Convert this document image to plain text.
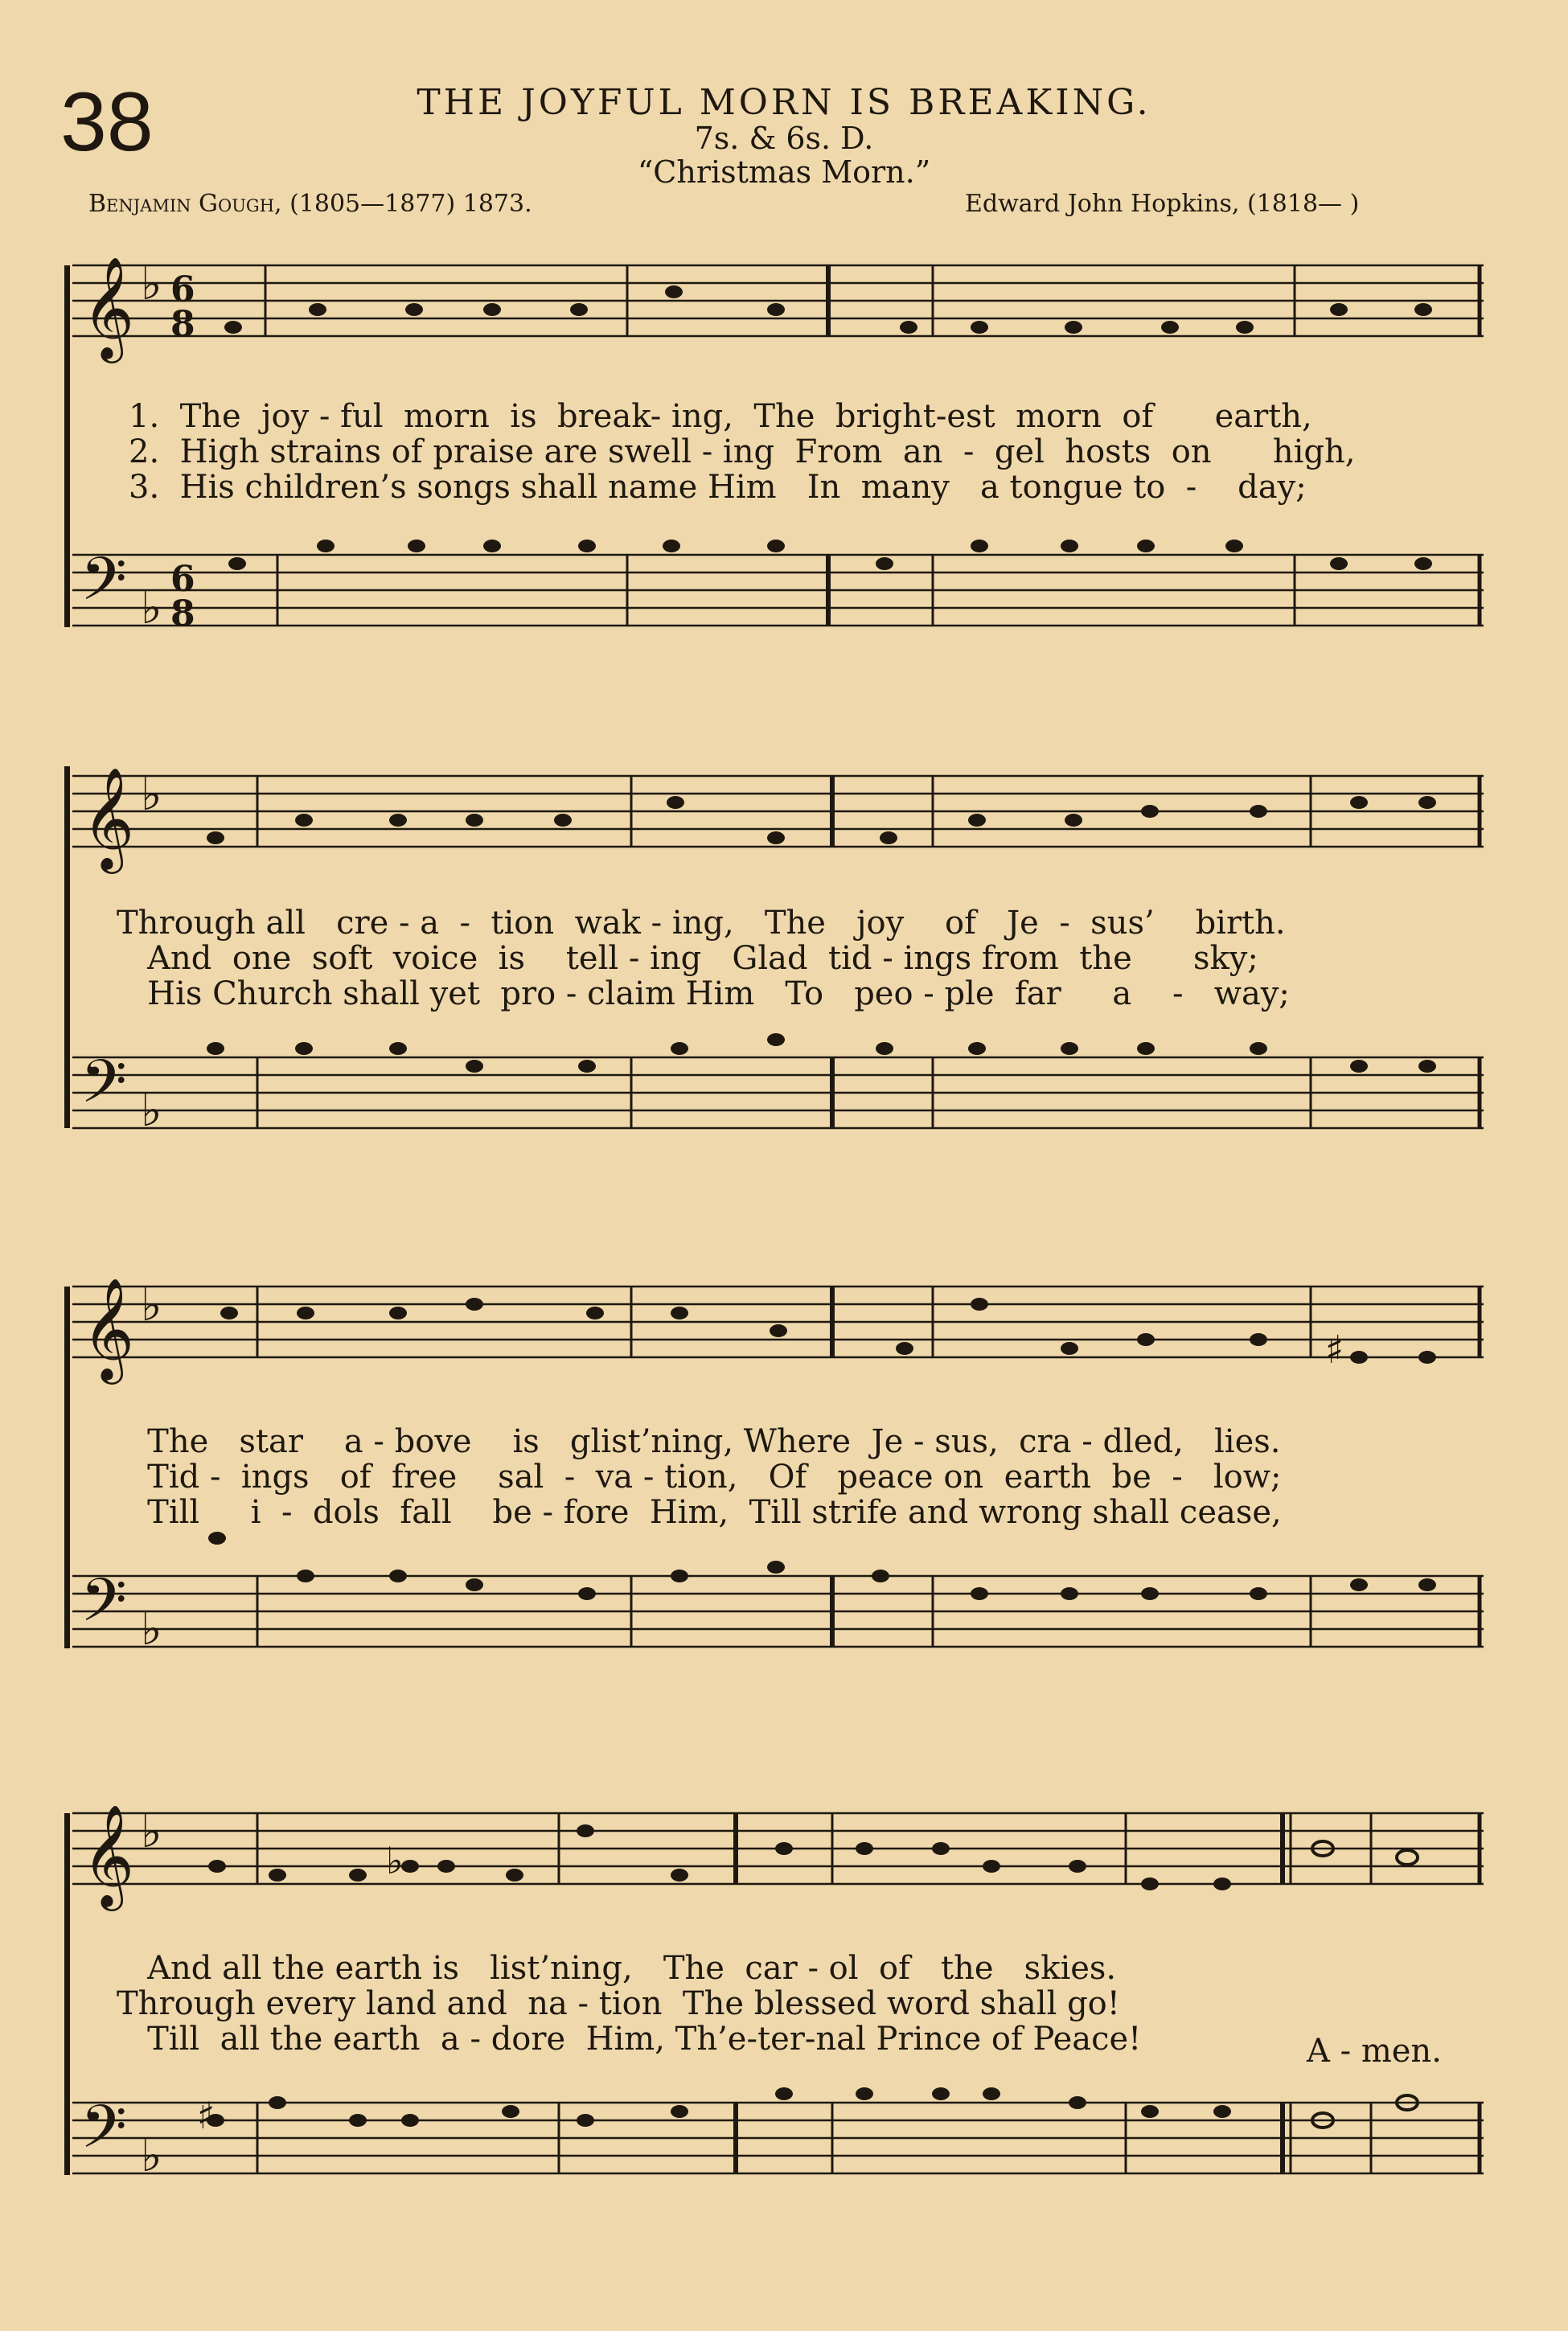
38	THE JOYFUL MORN IS BREAKING.
7s. & 6s. D.
“Christmas Morn.”
Benjamin Gough, (1805—1877) 1873.	Edward John Hopkins, (1818— )
𝄞 ♭ 6
8
𝄢 ♭
6
8
1.  The  joy - ful  morn  is  break- ing,  The  bright-est  morn  of      earth,
2.  High strains of praise are swell - ing  From  an  -  gel  hosts  on      high,
3.  His children’s songs shall name Him   In  many   a tongue to  -    day;
𝄞 ♭
𝄢 ♭
Through all   cre - a  -  tion  wak - ing,   The   joy    of   Je  -  sus’    birth.
And  one  soft  voice  is    tell - ing   Glad  tid - ings from  the      sky;
His Church shall yet  pro - claim Him   To   peo - ple  far     a    -   way;
𝄞 ♭
♯
𝄢 ♭
The   star    a - bove    is   glist’ning, Where  Je - sus,  cra - dled,   lies.
Tid -  ings   of  free    sal  -  va - tion,   Of   peace on  earth  be  -   low;
Till     i  -  dols  fall    be - fore  Him,  Till strife and wrong shall cease,
𝄞 ♭
♭
𝄢 ♭
♯
And all the earth is   list’ning,   The  car - ol  of   the   skies.
Through every land and  na - tion  The blessed word shall go!
Till  all the earth  a - dore  Him, Th’e-ter-nal Prince of Peace!	A - men.
